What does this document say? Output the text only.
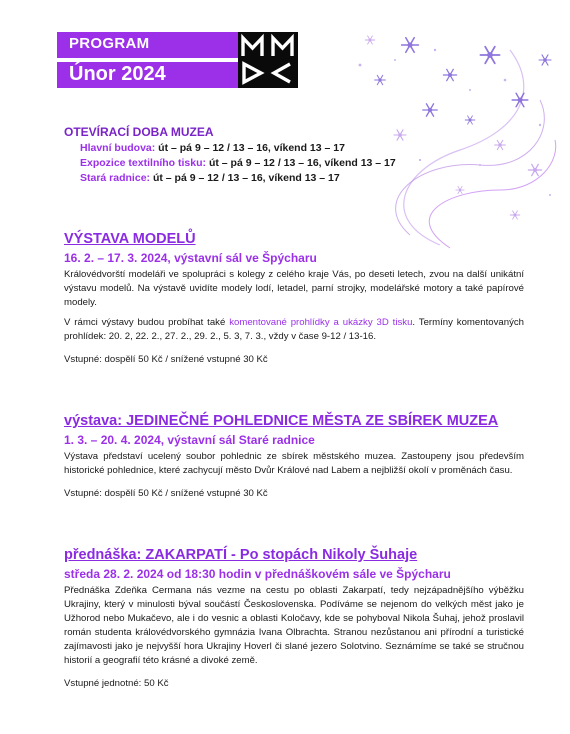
PROGRAM
Únor 2024
OTEVÍRACÍ DOBA MUZEA
Hlavní budova: út – pá 9 – 12 / 13 – 16, víkend 13 – 17
Expozice textilního tisku: út – pá 9 – 12 / 13 – 16, víkend 13 – 17
Stará radnice: út – pá 9 – 12 / 13 – 16, víkend 13 – 17
VÝSTAVA MODELŮ
16. 2. – 17. 3. 2024, výstavní sál ve Špýcharu
Královédvorští modeláři ve spolupráci s kolegy z celého kraje Vás, po deseti letech, zvou na další unikátní výstavu modelů. Na výstavě uvidíte modely lodí, letadel, parní strojky, modelářské motory a také papírové modely.
V rámci výstavy budou probíhat také komentované prohlídky a ukázky 3D tisku. Termíny komentovaných prohlídek: 20. 2, 22. 2., 27. 2., 29. 2., 5. 3, 7. 3., vždy v čase 9-12 / 13-16.
Vstupné: dospělí 50 Kč / snížené vstupné 30 Kč
výstava: JEDINEČNÉ POHLEDNICE MĚSTA ZE SBÍREK MUZEA
1. 3. – 20. 4. 2024, výstavní sál Staré radnice
Výstava představí ucelený soubor pohlednic ze sbírek městského muzea. Zastoupeny jsou především historické pohlednice, které zachycují město Dvůr Králové nad Labem a nejbližší okolí v proměnách času.
Vstupné: dospělí 50 Kč / snížené vstupné 30 Kč
přednáška: ZAKARPATÍ - Po stopách Nikoly Šuhaje
středa 28. 2. 2024 od 18:30 hodin v přednáškovém sále ve Špýcharu
Přednáška Zdeňka Cermana nás vezme na cestu po oblasti Zakarpatí, tedy nejzápadnějšího výběžku Ukrajiny, který v minulosti býval součástí Československa. Podíváme se nejenom do velkých měst jako je Užhorod nebo Mukačevo, ale i do vesnic a oblasti Koločavy, kde se pohyboval Nikola Šuhaj, jehož proslavil román studenta královédvorského gymnázia Ivana Olbrachta. Stranou nezůstanou ani přírodní a turistické zajímavosti jako je nejvyšší hora Ukrajiny Hoverl či slané jezero Solotvino. Seznámíme se také se stručnou historií a geografií této krásné a divoké země.
Vstupné jednotné: 50 Kč
